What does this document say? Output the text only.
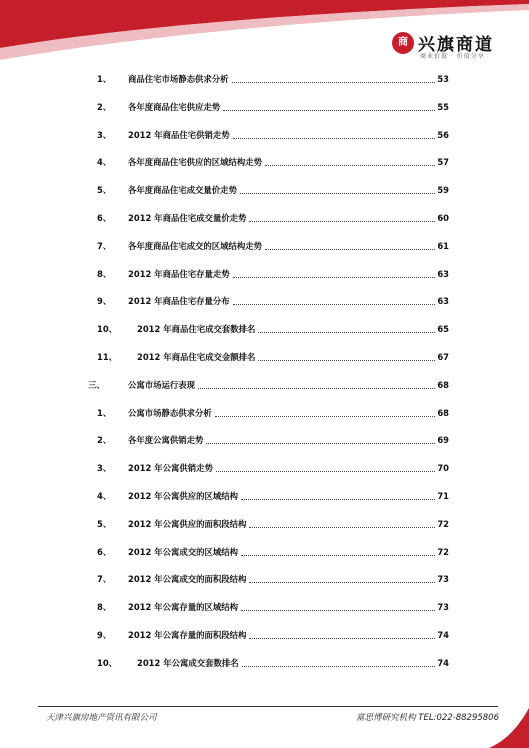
商 兴旗商道
商业价值 · 价值分享
1、 商品住宅市场静态供求分析	53
2、 各年度商品住宅供应走势	55
3、 2012 年商品住宅供销走势	56
4、 各年度商品住宅供应的区域结构走势	57
5、 各年度商品住宅成交量价走势	59
6、 2012 年商品住宅成交量价走势	60
7、 各年度商品住宅成交的区域结构走势	61
8、 2012 年商品住宅存量走势	63
9、 2012 年商品住宅存量分布	63
10、 2012 年商品住宅成交套数排名	65
11、 2012 年商品住宅成交金额排名	67
三、	公寓市场运行表现	68
1、 公寓市场静态供求分析	68
2、 各年度公寓供销走势	69
3、 2012 年公寓供销走势	70
4、 2012 年公寓供应的区域结构	71
5、 2012 年公寓供应的面积段结构	72
6、 2012 年公寓成交的区域结构	72
7、 2012 年公寓成交的面积段结构	73
8、 2012 年公寓存量的区域结构	73
9、 2012 年公寓存量的面积段结构	74
10、 2012 年公寓成交套数排名	74
天津兴旗房地产资讯有限公司	富思博研究机构 TEL:022-88295806
